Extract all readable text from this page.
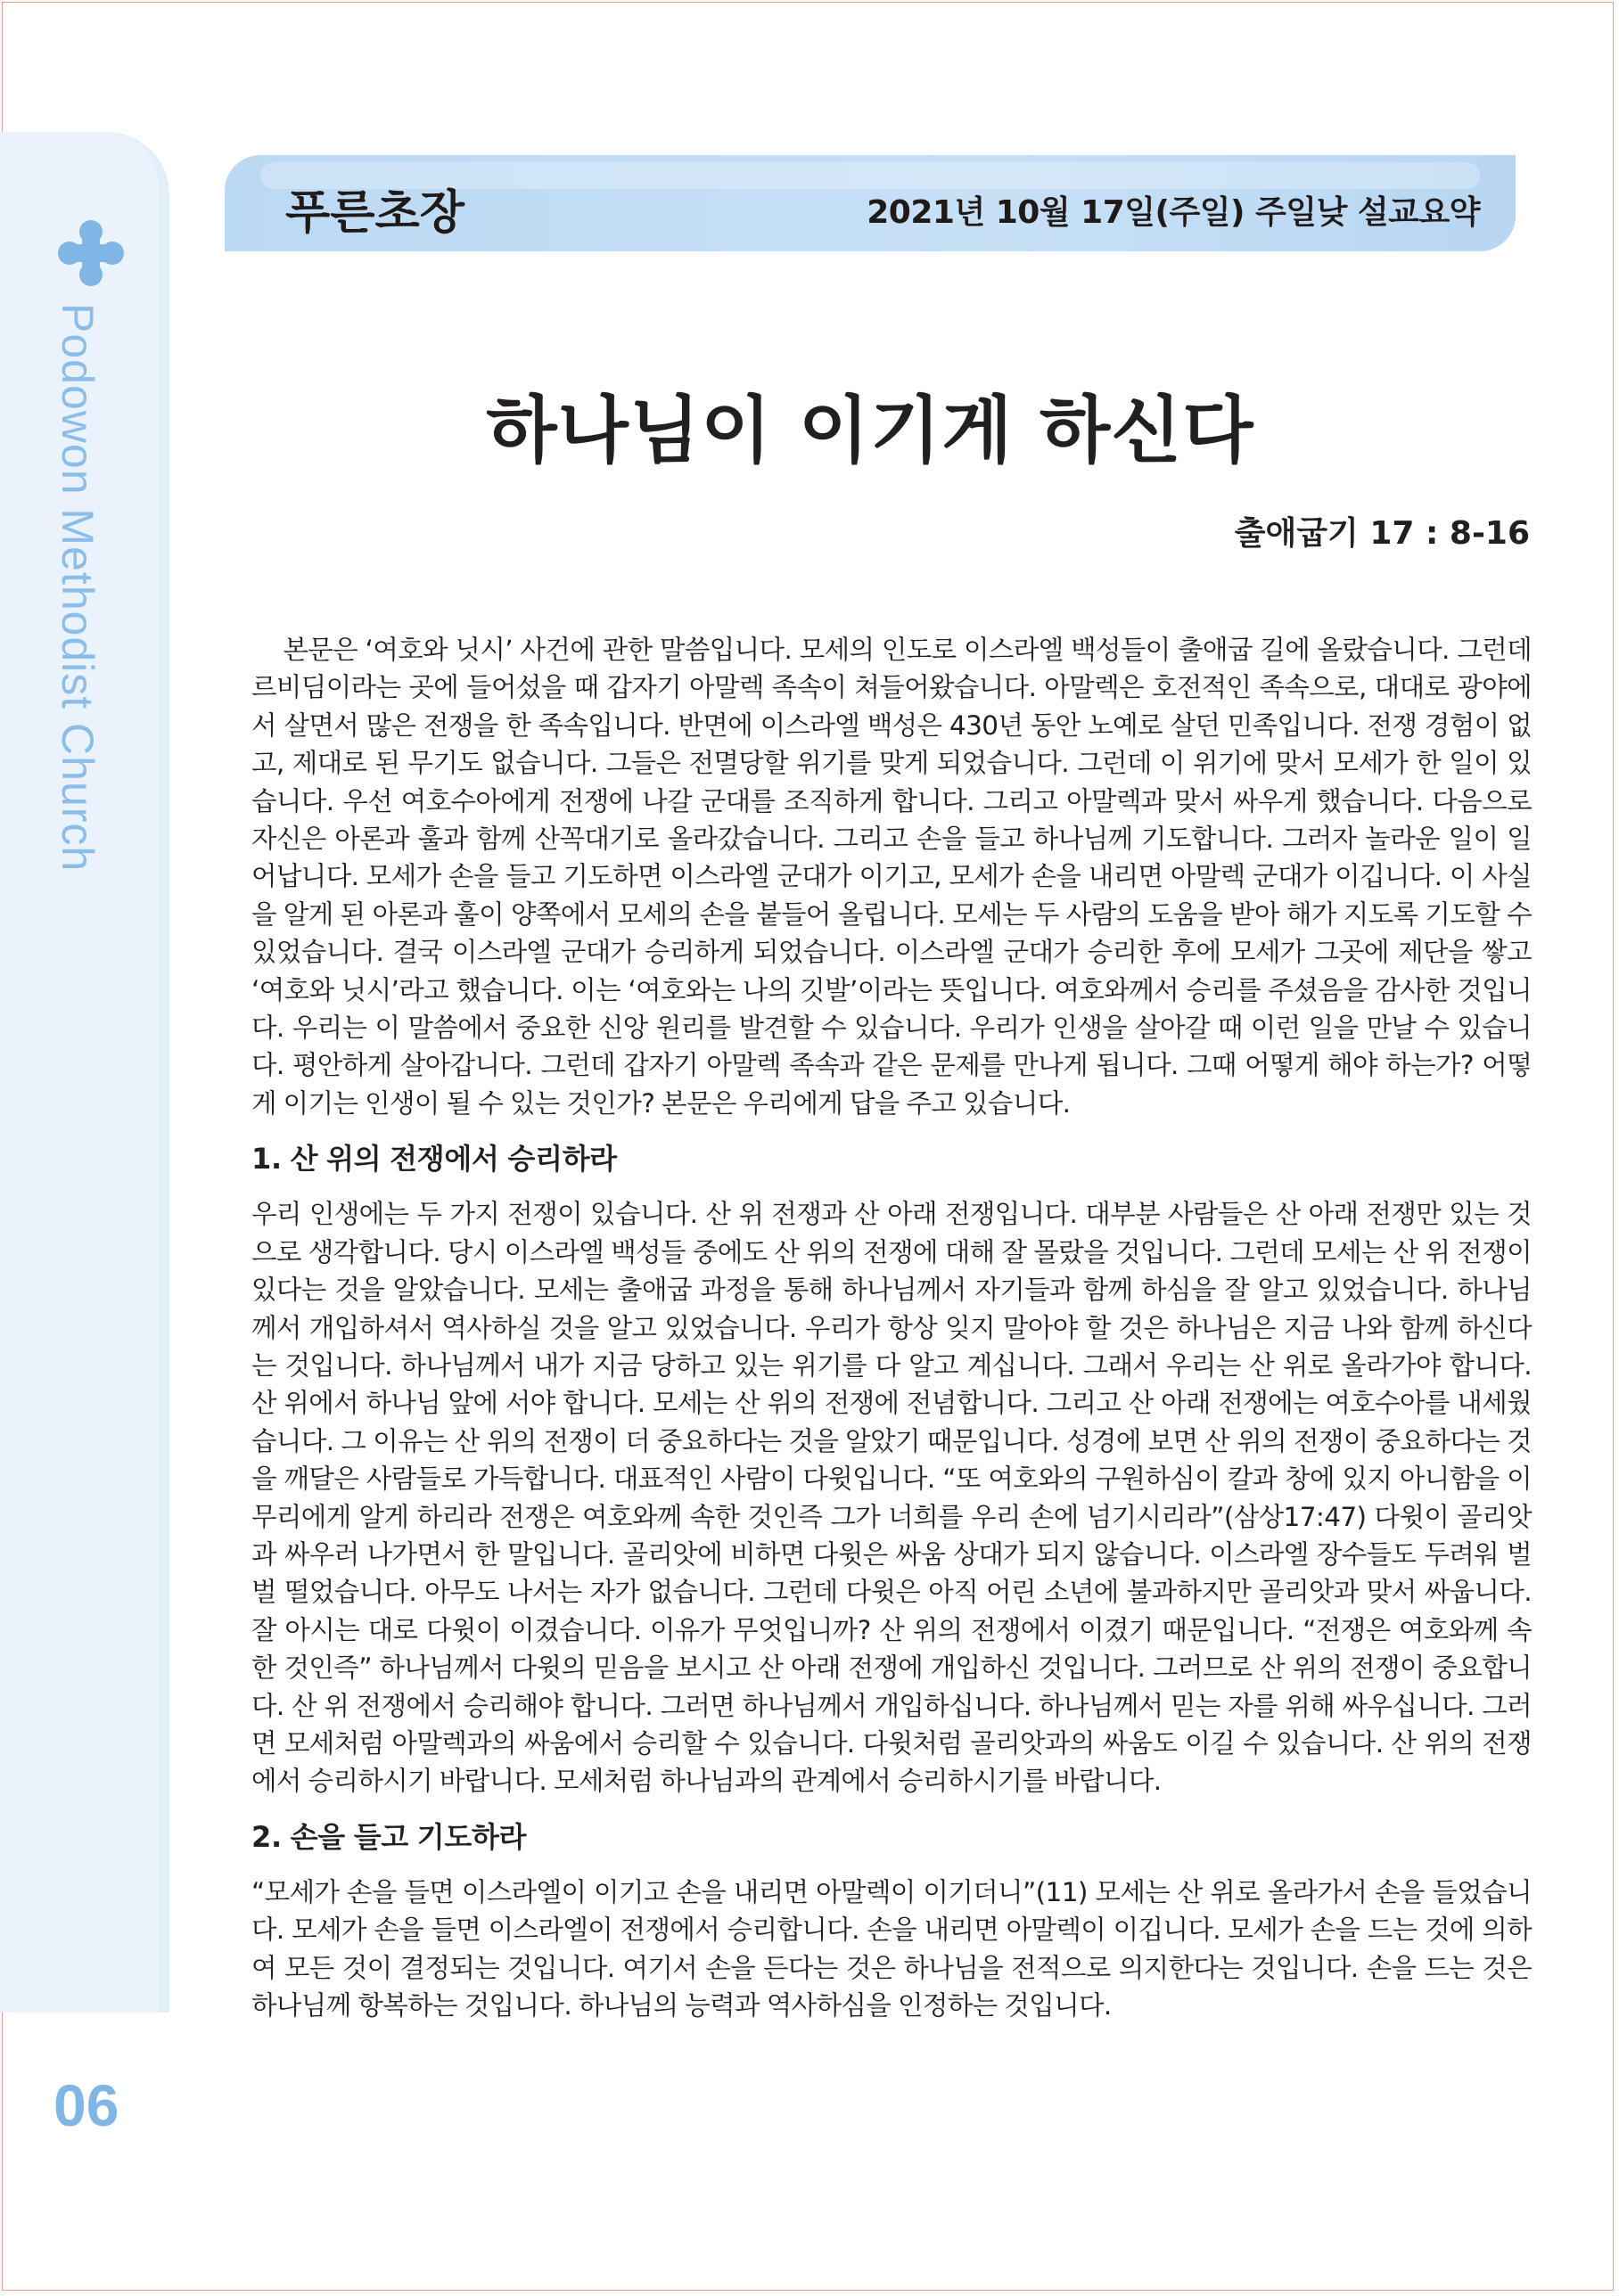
Podowon Methodist Church
06
푸른초장	2021년 10월 17일(주일) 주일낮 설교요약
하나님이 이기게 하신다
출애굽기 17 : 8-16

본문은 ‘여호와 닛시’ 사건에 관한 말씀입니다. 모세의 인도로 이스라엘 백성들이 출애굽 길에 올랐습니다. 그런데 르비딤이라는 곳에 들어섰을 때 갑자기 아말렉 족속이 쳐들어왔습니다. 아말렉은 호전적인 족속으로, 대대로 광야에서 살면서 많은 전쟁을 한 족속입니다. 반면에 이스라엘 백성은 430년 동안 노예로 살던 민족입니다. 전쟁 경험이 없고, 제대로 된 무기도 없습니다. 그들은 전멸당할 위기를 맞게 되었습니다. 그런데 이 위기에 맞서 모세가 한 일이 있습니다. 우선 여호수아에게 전쟁에 나갈 군대를 조직하게 합니다. 그리고 아말렉과 맞서 싸우게 했습니다. 다음으로 자신은 아론과 훌과 함께 산꼭대기로 올라갔습니다. 그리고 손을 들고 하나님께 기도합니다. 그러자 놀라운 일이 일어납니다. 모세가 손을 들고 기도하면 이스라엘 군대가 이기고, 모세가 손을 내리면 아말렉 군대가 이깁니다. 이 사실을 알게 된 아론과 훌이 양쪽에서 모세의 손을 붙들어 올립니다. 모세는 두 사람의 도움을 받아 해가 지도록 기도할 수 있었습니다. 결국 이스라엘 군대가 승리하게 되었습니다. 이스라엘 군대가 승리한 후에 모세가 그곳에 제단을 쌓고 ‘여호와 닛시’라고 했습니다. 이는 ‘여호와는 나의 깃발’이라는 뜻입니다. 여호와께서 승리를 주셨음을 감사한 것입니다. 우리는 이 말씀에서 중요한 신앙 원리를 발견할 수 있습니다. 우리가 인생을 살아갈 때 이런 일을 만날 수 있습니다. 평안하게 살아갑니다. 그런데 갑자기 아말렉 족속과 같은 문제를 만나게 됩니다. 그때 어떻게 해야 하는가? 어떻게 이기는 인생이 될 수 있는 것인가? 본문은 우리에게 답을 주고 있습니다.

1. 산 위의 전쟁에서 승리하라

우리 인생에는 두 가지 전쟁이 있습니다. 산 위 전쟁과 산 아래 전쟁입니다. 대부분 사람들은 산 아래 전쟁만 있는 것으로 생각합니다. 당시 이스라엘 백성들 중에도 산 위의 전쟁에 대해 잘 몰랐을 것입니다. 그런데 모세는 산 위 전쟁이 있다는 것을 알았습니다. 모세는 출애굽 과정을 통해 하나님께서 자기들과 함께 하심을 잘 알고 있었습니다. 하나님께서 개입하셔서 역사하실 것을 알고 있었습니다. 우리가 항상 잊지 말아야 할 것은 하나님은 지금 나와 함께 하신다는 것입니다. 하나님께서 내가 지금 당하고 있는 위기를 다 알고 계십니다. 그래서 우리는 산 위로 올라가야 합니다. 산 위에서 하나님 앞에 서야 합니다. 모세는 산 위의 전쟁에 전념합니다. 그리고 산 아래 전쟁에는 여호수아를 내세웠습니다. 그 이유는 산 위의 전쟁이 더 중요하다는 것을 알았기 때문입니다. 성경에 보면 산 위의 전쟁이 중요하다는 것을 깨달은 사람들로 가득합니다. 대표적인 사람이 다윗입니다. “또 여호와의 구원하심이 칼과 창에 있지 아니함을 이 무리에게 알게 하리라 전쟁은 여호와께 속한 것인즉 그가 너희를 우리 손에 넘기시리라”(삼상17:47) 다윗이 골리앗과 싸우러 나가면서 한 말입니다. 골리앗에 비하면 다윗은 싸움 상대가 되지 않습니다. 이스라엘 장수들도 두려워 벌벌 떨었습니다. 아무도 나서는 자가 없습니다. 그런데 다윗은 아직 어린 소년에 불과하지만 골리앗과 맞서 싸웁니다. 잘 아시는 대로 다윗이 이겼습니다. 이유가 무엇입니까? 산 위의 전쟁에서 이겼기 때문입니다. “전쟁은 여호와께 속한 것인즉” 하나님께서 다윗의 믿음을 보시고 산 아래 전쟁에 개입하신 것입니다. 그러므로 산 위의 전쟁이 중요합니다. 산 위 전쟁에서 승리해야 합니다. 그러면 하나님께서 개입하십니다. 하나님께서 믿는 자를 위해 싸우십니다. 그러면 모세처럼 아말렉과의 싸움에서 승리할 수 있습니다. 다윗처럼 골리앗과의 싸움도 이길 수 있습니다. 산 위의 전쟁에서 승리하시기 바랍니다. 모세처럼 하나님과의 관계에서 승리하시기를 바랍니다.

2. 손을 들고 기도하라

“모세가 손을 들면 이스라엘이 이기고 손을 내리면 아말렉이 이기더니”(11) 모세는 산 위로 올라가서 손을 들었습니다. 모세가 손을 들면 이스라엘이 전쟁에서 승리합니다. 손을 내리면 아말렉이 이깁니다. 모세가 손을 드는 것에 의하여 모든 것이 결정되는 것입니다. 여기서 손을 든다는 것은 하나님을 전적으로 의지한다는 것입니다. 손을 드는 것은 하나님께 항복하는 것입니다. 하나님의 능력과 역사하심을 인정하는 것입니다.
